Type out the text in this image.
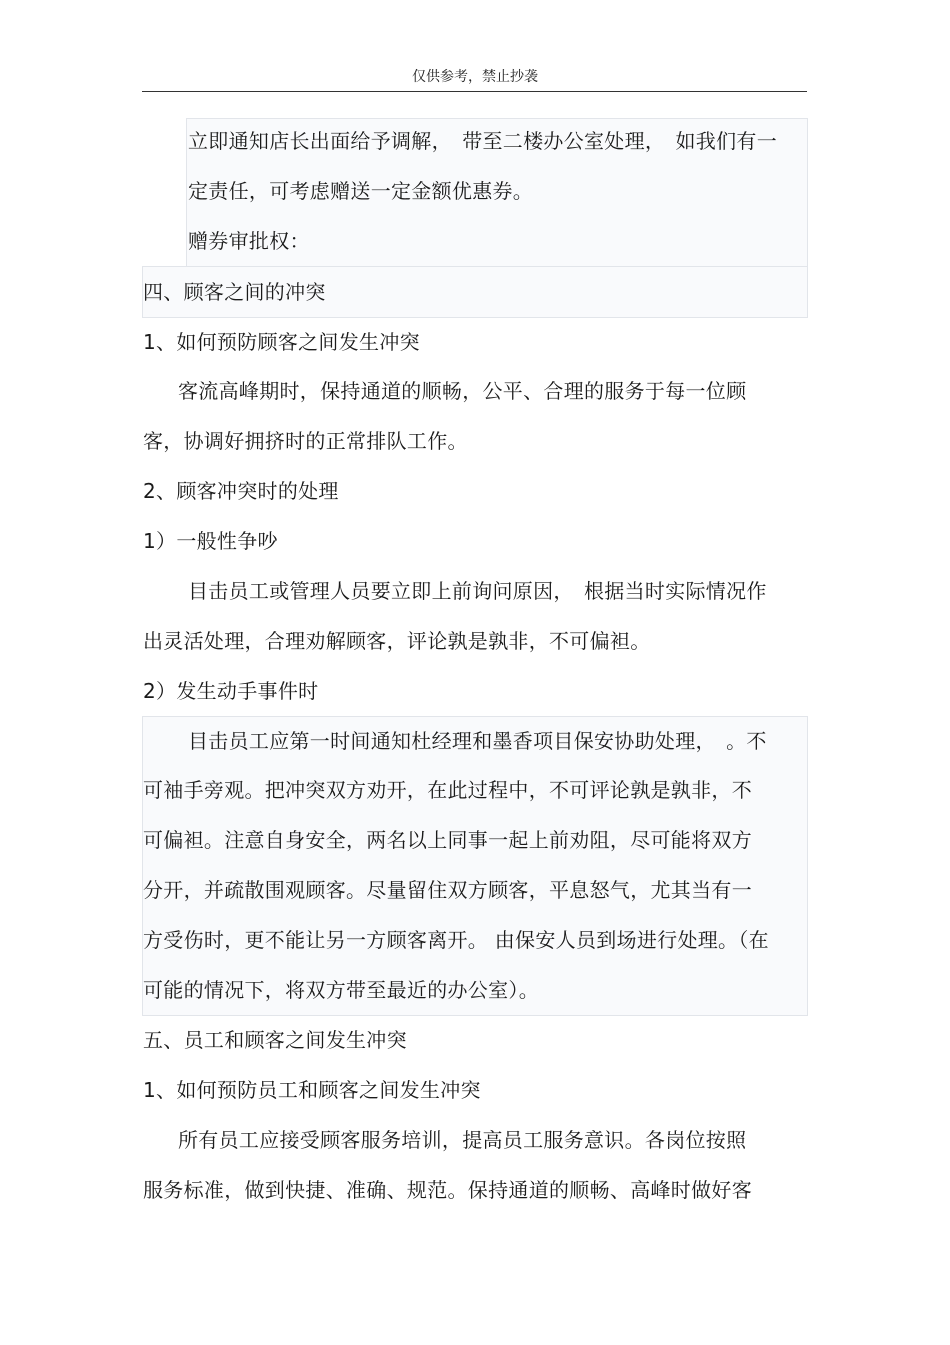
仅供参考，禁止抄袭
立即通知店长出面给予调解，　带至二楼办公室处理，　如我们有一
定责任，可考虑赠送一定金额优惠券。
赠券审批权：
四、顾客之间的冲突
1、如何预防顾客之间发生冲突
客流高峰期时，保持通道的顺畅，公平、合理的服务于每一位顾
客，协调好拥挤时的正常排队工作。
2、顾客冲突时的处理
1）一般性争吵
目击员工或管理人员要立即上前询问原因，　根据当时实际情况作
出灵活处理，合理劝解顾客，评论孰是孰非，不可偏袒。
2）发生动手事件时
目击员工应第一时间通知杜经理和墨香项目保安协助处理，　。不
可袖手旁观。把冲突双方劝开，在此过程中，不可评论孰是孰非，不
可偏袒。注意自身安全，两名以上同事一起上前劝阻，尽可能将双方
分开，并疏散围观顾客。尽量留住双方顾客，平息怒气，尤其当有一
方受伤时，更不能让另一方顾客离开。 由保安人员到场进行处理。（在
可能的情况下，将双方带至最近的办公室）。
五、员工和顾客之间发生冲突
1、如何预防员工和顾客之间发生冲突
所有员工应接受顾客服务培训，提高员工服务意识。各岗位按照
服务标准，做到快捷、准确、规范。保持通道的顺畅、高峰时做好客
